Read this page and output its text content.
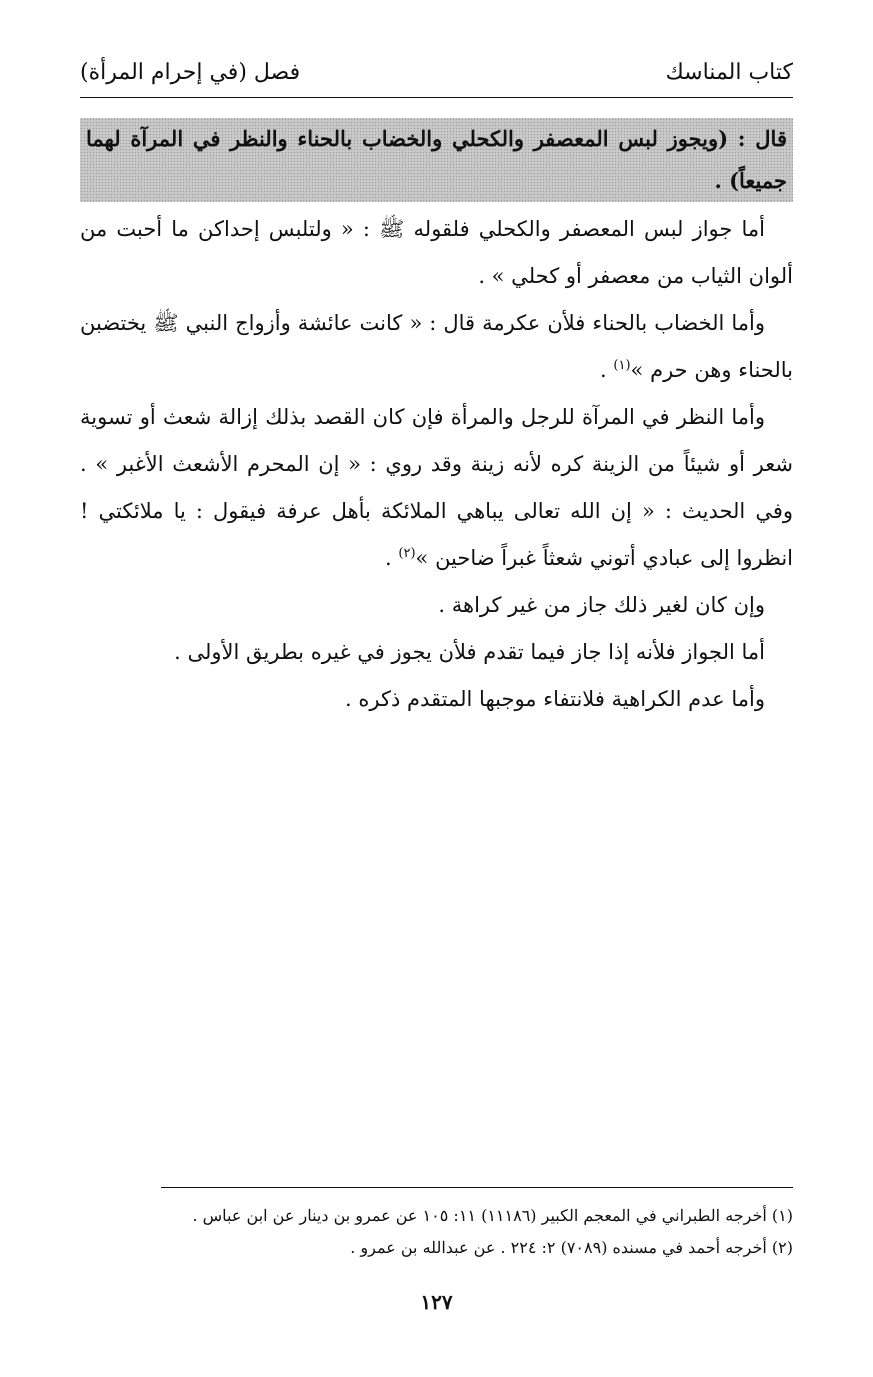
كتاب المناسك
فصل (في إحرام المرأة)

قال : (ويجوز لبس المعصفر والكحلي والخضاب بالحناء والنظر في المرآة لهما جميعاً) .

أما جواز لبس المعصفر والكحلي فلقوله ﷺ : « ولتلبس إحداكن ما أحبت من ألوان الثياب من معصفر أو كحلي » .

وأما الخضاب بالحناء فلأن عكرمة قال : « كانت عائشة وأزواج النبي ﷺ يختضبن بالحناء وهن حرم »$^{(١)}$ .

وأما النظر في المرآة للرجل والمرأة فإن كان القصد بذلك إزالة شعث أو تسوية شعر أو شيئاً من الزينة كره لأنه زينة وقد روي : « إن المحرم الأشعث الأغبر » . وفي الحديث : « إن الله تعالى يباهي الملائكة بأهل عرفة فيقول : يا ملائكتي ! انظروا إلى عبادي أتوني شعثاً غبراً ضاحين »$^{(٢)}$ .

وإن كان لغير ذلك جاز من غير كراهة .

أما الجواز فلأنه إذا جاز فيما تقدم فلأن يجوز في غيره بطريق الأولى .

وأما عدم الكراهية فلانتفاء موجبها المتقدم ذكره .

(١) أخرجه الطبراني في المعجم الكبير (١١١٨٦) ١١: ١٠٥ عن عمرو بن دينار عن ابن عباس .
(٢) أخرجه أحمد في مسنده (٧٠٨٩) ٢: ٢٢٤ . عن عبدالله بن عمرو .
١٢٧
